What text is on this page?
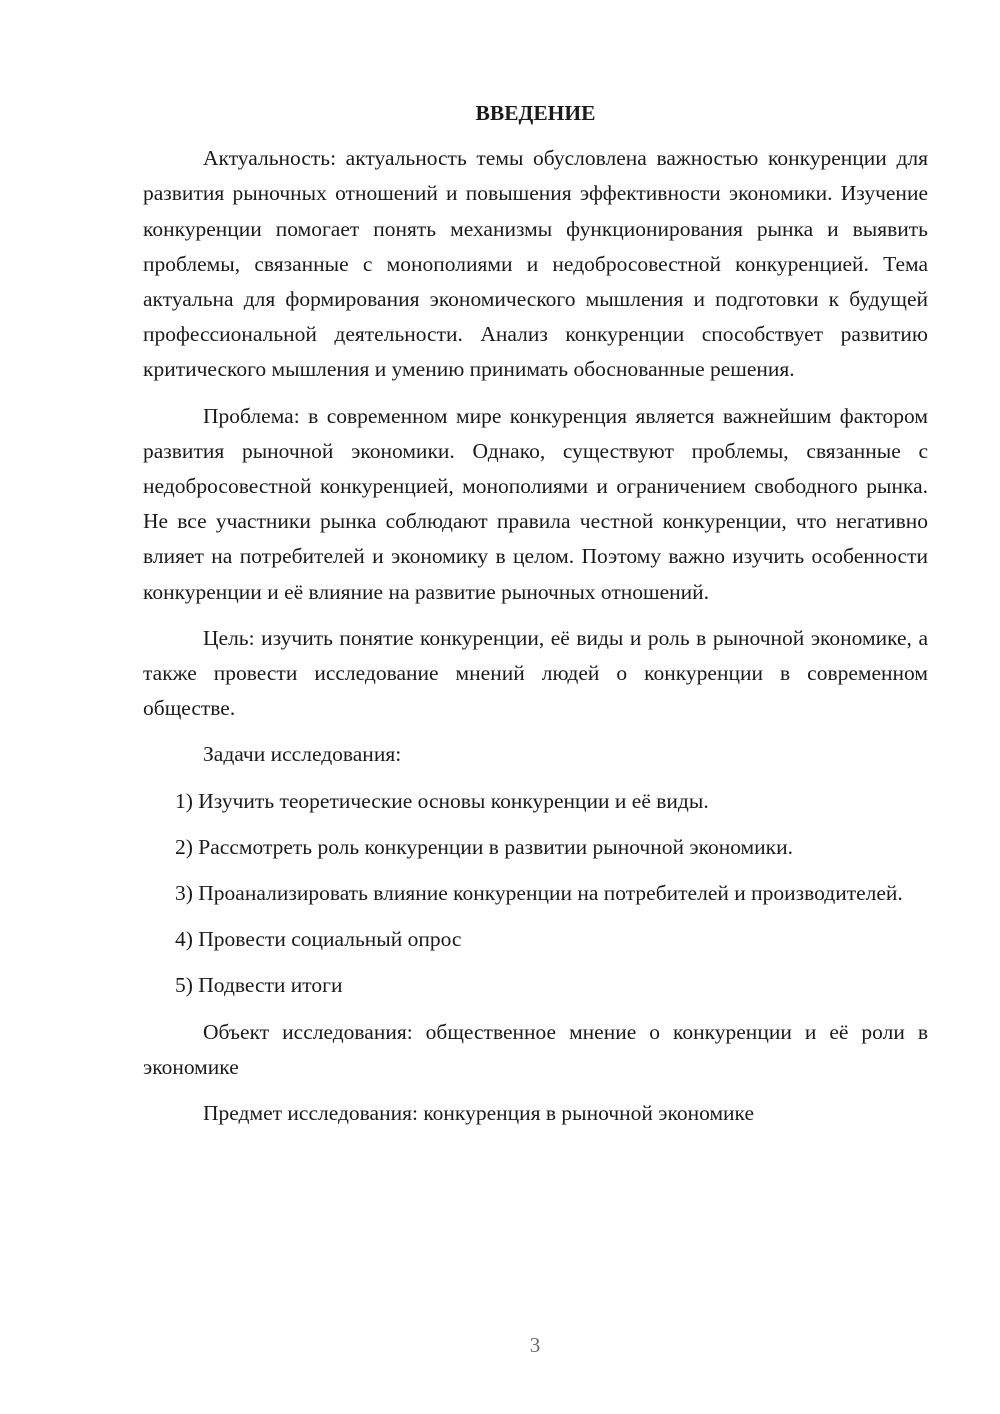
ВВЕДЕНИЕ

Актуальность: актуальность темы обусловлена важностью конкуренции для развития рыночных отношений и повышения эффективности экономики. Изучение конкуренции помогает понять механизмы функционирования рынка и выявить проблемы, связанные с монополиями и недобросовестной конкуренцией. Тема актуальна для формирования экономического мышления и подготовки к будущей профессиональной деятельности. Анализ конкуренции способствует развитию критического мышления и умению принимать обоснованные решения.

Проблема: в современном мире конкуренция является важнейшим фактором развития рыночной экономики. Однако, существуют проблемы, связанные с недобросовестной конкуренцией, монополиями и ограничением свободного рынка. Не все участники рынка соблюдают правила честной конкуренции, что негативно влияет на потребителей и экономику в целом. Поэтому важно изучить особенности конкуренции и её влияние на развитие рыночных отношений.

Цель: изучить понятие конкуренции, её виды и роль в рыночной экономике, а также провести исследование мнений людей о конкуренции в современном обществе.

Задачи исследования:

1) Изучить теоретические основы конкуренции и её виды.

2) Рассмотреть роль конкуренции в развитии рыночной экономики.

3) Проанализировать влияние конкуренции на потребителей и производителей.

4) Провести социальный опрос

5) Подвести итоги

Объект исследования: общественное мнение о конкуренции и её роли в экономике

Предмет исследования: конкуренция в рыночной экономике

3
